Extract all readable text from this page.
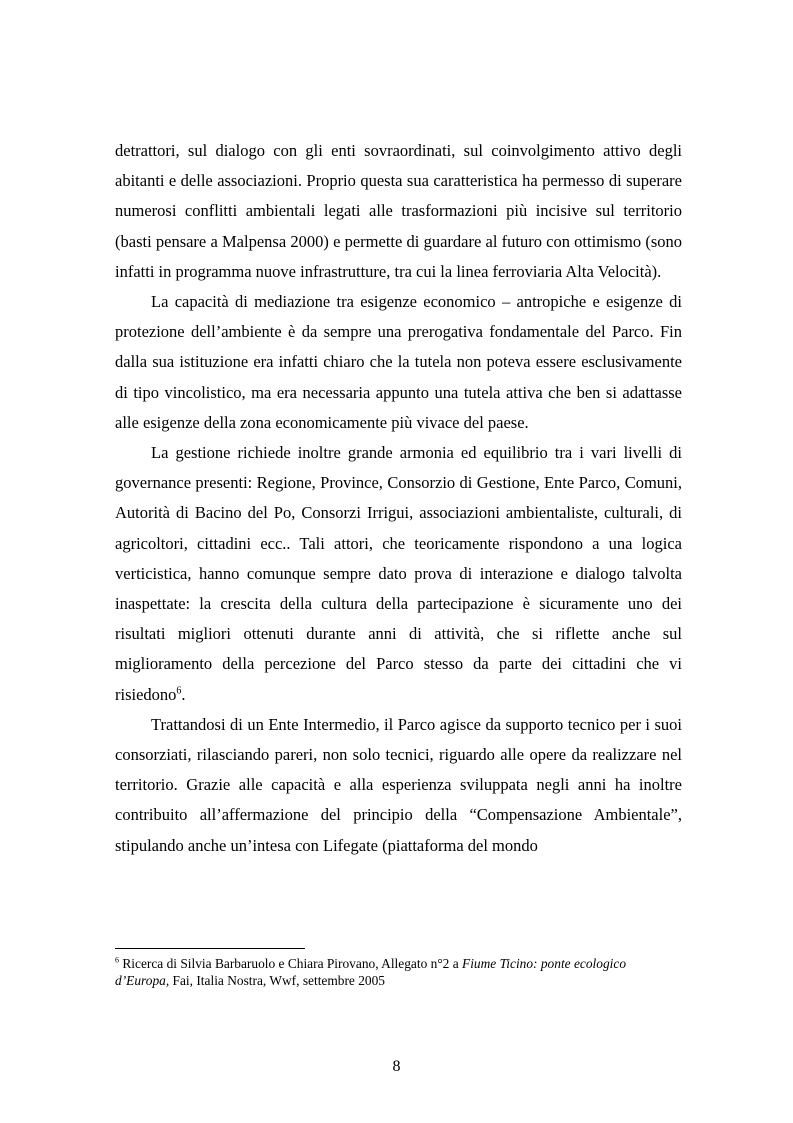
detrattori, sul dialogo con gli enti sovraordinati, sul coinvolgimento attivo degli abitanti e delle associazioni. Proprio questa sua caratteristica ha permesso di superare numerosi conflitti ambientali legati alle trasformazioni più incisive sul territorio (basti pensare a Malpensa 2000) e permette di guardare al futuro con ottimismo (sono infatti in programma nuove infrastrutture, tra cui la linea ferroviaria Alta Velocità).

La capacità di mediazione tra esigenze economico – antropiche e esigenze di protezione dell’ambiente è da sempre una prerogativa fondamentale del Parco. Fin dalla sua istituzione era infatti chiaro che la tutela non poteva essere esclusivamente di tipo vincolistico, ma era necessaria appunto una tutela attiva che ben si adattasse alle esigenze della zona economicamente più vivace del paese.

La gestione richiede inoltre grande armonia ed equilibrio tra i vari livelli di governance presenti: Regione, Province, Consorzio di Gestione, Ente Parco, Comuni, Autorità di Bacino del Po, Consorzi Irrigui, associazioni ambientaliste, culturali, di agricoltori, cittadini ecc.. Tali attori, che teoricamente rispondono a una logica verticistica, hanno comunque sempre dato prova di interazione e dialogo talvolta inaspettate: la crescita della cultura della partecipazione è sicuramente uno dei risultati migliori ottenuti durante anni di attività, che si riflette anche sul miglioramento della percezione del Parco stesso da parte dei cittadini che vi risiedono$^6$.

Trattandosi di un Ente Intermedio, il Parco agisce da supporto tecnico per i suoi consorziati, rilasciando pareri, non solo tecnici, riguardo alle opere da realizzare nel territorio. Grazie alle capacità e alla esperienza sviluppata negli anni ha inoltre contribuito all’affermazione del principio della “Compensazione Ambientale”, stipulando anche un’intesa con Lifegate (piattaforma del mondo

$^6$ Ricerca di Silvia Barbaruolo e Chiara Pirovano, Allegato n°2 a Fiume Ticino: ponte ecologico d’Europa, Fai, Italia Nostra, Wwf, settembre 2005
8
